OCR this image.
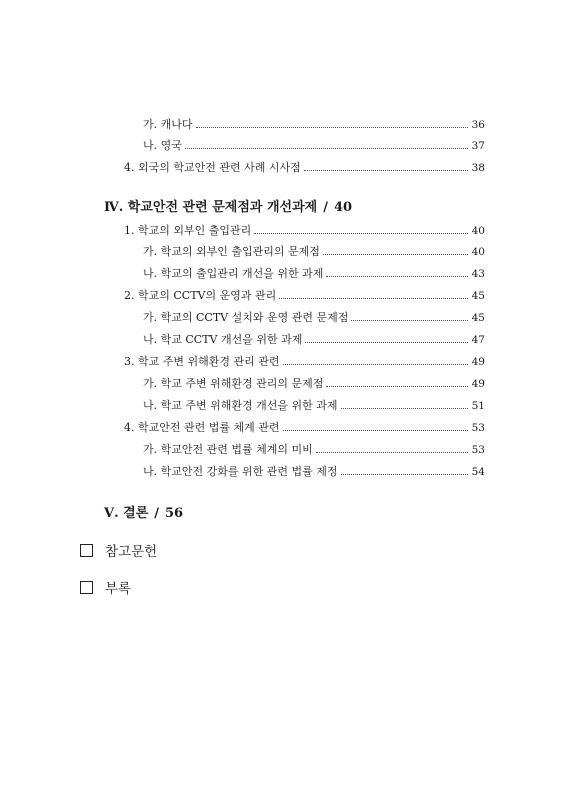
가. 캐나다	36
나. 영국	37
4. 외국의 학교안전 관련 사례 시사점	38
Ⅳ. 학교안전 관련 문제점과 개선과제 / 40
1. 학교의 외부인 출입관리	40
가. 학교의 외부인 출입관리의 문제점	40
나. 학교의 출입관리 개선을 위한 과제	43
2. 학교의 CCTV의 운영과 관리	45
가. 학교의 CCTV 설치와 운영 관련 문제점	45
나. 학교 CCTV 개선을 위한 과제	47
3. 학교 주변 위해환경 관리 관련	49
가. 학교 주변 위해환경 관리의 문제점	49
나. 학교 주변 위해환경 개선을 위한 과제	51
4. 학교안전 관련 법률 체계 관련	53
가. 학교안전 관련 법률 체계의 미비	53
나. 학교안전 강화를 위한 관련 법률 제정	54
Ⅴ. 결론 / 56
참고문헌
부록
